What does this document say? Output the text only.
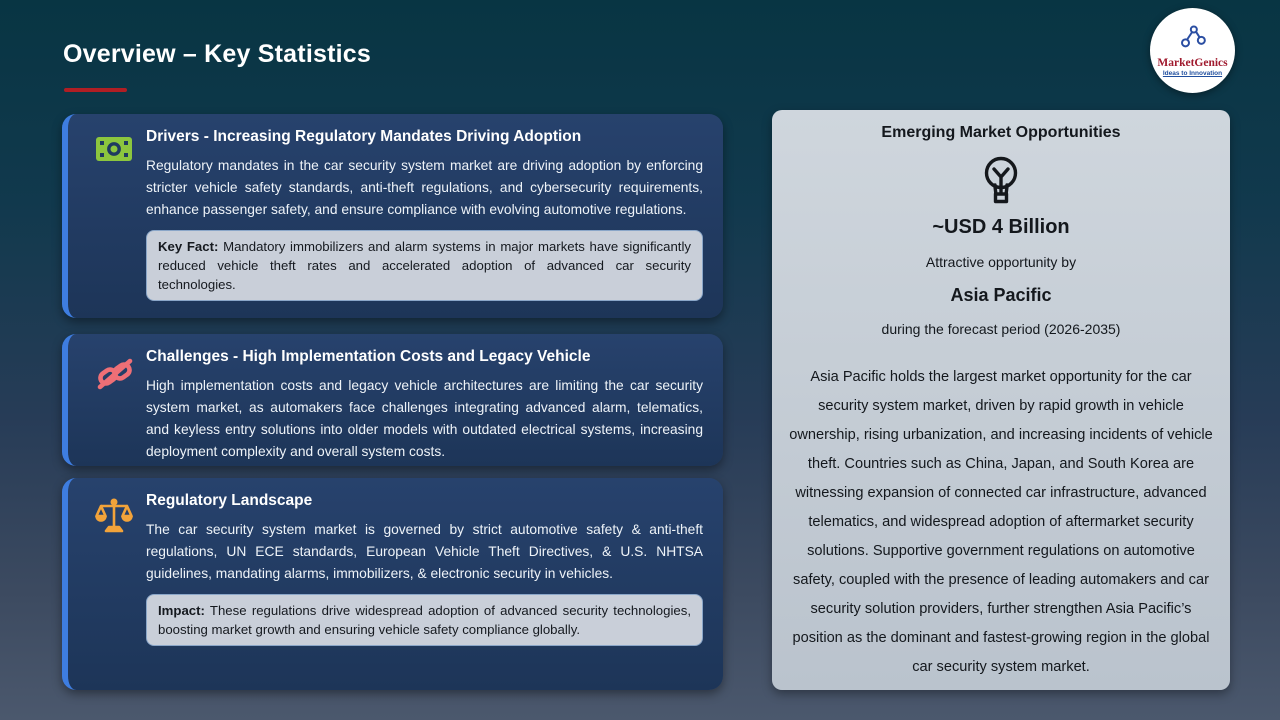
Overview – Key Statistics	MarketGenics
Ideas to Innovation
Drivers - Increasing Regulatory Mandates Driving Adoption

Regulatory mandates in the car security system market are driving adoption by enforcing stricter vehicle safety standards, anti-theft regulations, and cybersecurity requirements, enhance passenger safety, and ensure compliance with evolving automotive regulations.

Key Fact: Mandatory immobilizers and alarm systems in major markets have significantly reduced vehicle theft rates and accelerated adoption of advanced car security technologies.
Challenges - High Implementation Costs and Legacy Vehicle

High implementation costs and legacy vehicle architectures are limiting the car security system market, as automakers face challenges integrating advanced alarm, telematics, and keyless entry solutions into older models with outdated electrical systems, increasing deployment complexity and overall system costs.

Regulatory Landscape

The car security system market is governed by strict automotive safety & anti-theft regulations, UN ECE standards, European Vehicle Theft Directives, & U.S. NHTSA guidelines, mandating alarms, immobilizers, & electronic security in vehicles.

Impact: These regulations drive widespread adoption of advanced security technologies, boosting market growth and ensuring vehicle safety compliance globally.
Emerging Market Opportunities
~USD 4 Billion
Attractive opportunity by
Asia Pacific
during the forecast period (2026-2035)

Asia Pacific holds the largest market opportunity for the car security system market, driven by rapid growth in vehicle ownership, rising urbanization, and increasing incidents of vehicle theft. Countries such as China, Japan, and South Korea are witnessing expansion of connected car infrastructure, advanced telematics, and widespread adoption of aftermarket security solutions. Supportive government regulations on automotive safety, coupled with the presence of leading automakers and car security solution providers, further strengthen Asia Pacific’s position as the dominant and fastest-growing region in the global car security system market.
